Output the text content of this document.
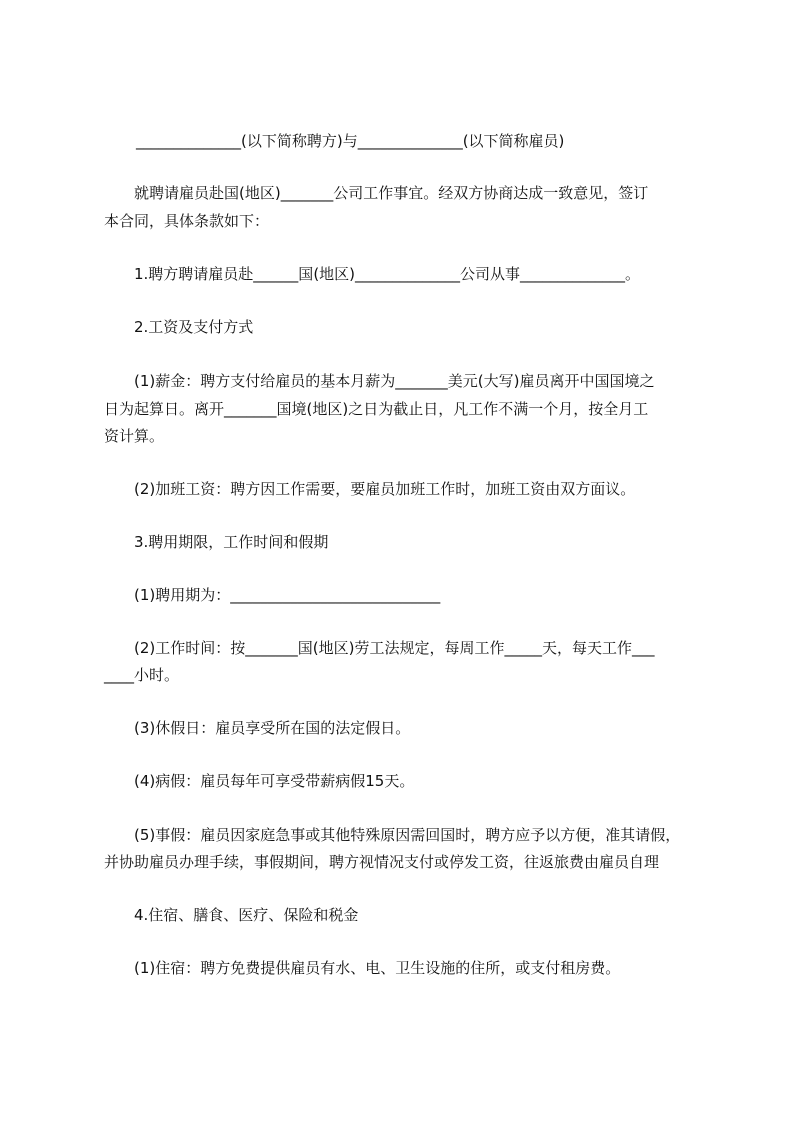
______________(以下简称聘方)与______________(以下简称雇员)
　　就聘请雇员赴国(地区)_______公司工作事宜。经双方协商达成一致意见，签订
本合同，具体条款如下：
　　1.聘方聘请雇员赴______国(地区)______________公司从事______________。
　　2.工资及支付方式
　　(1)薪金：聘方支付给雇员的基本月薪为_______美元(大写)雇员离开中国国境之
日为起算日。离开_______国境(地区)之日为截止日，凡工作不满一个月，按全月工
资计算。
　　(2)加班工资：聘方因工作需要，要雇员加班工作时，加班工资由双方面议。
　　3.聘用期限，工作时间和假期
　　(1)聘用期为：____________________________
　　(2)工作时间：按_______国(地区)劳工法规定，每周工作_____天，每天工作___
____小时。
　　(3)休假日：雇员享受所在国的法定假日。
　　(4)病假：雇员每年可享受带薪病假15天。
　　(5)事假：雇员因家庭急事或其他特殊原因需回国时，聘方应予以方便，准其请假，
并协助雇员办理手续，事假期间，聘方视情况支付或停发工资，往返旅费由雇员自理
　　4.住宿、膳食、医疗、保险和税金
　　(1)住宿：聘方免费提供雇员有水、电、卫生设施的住所，或支付租房费。
